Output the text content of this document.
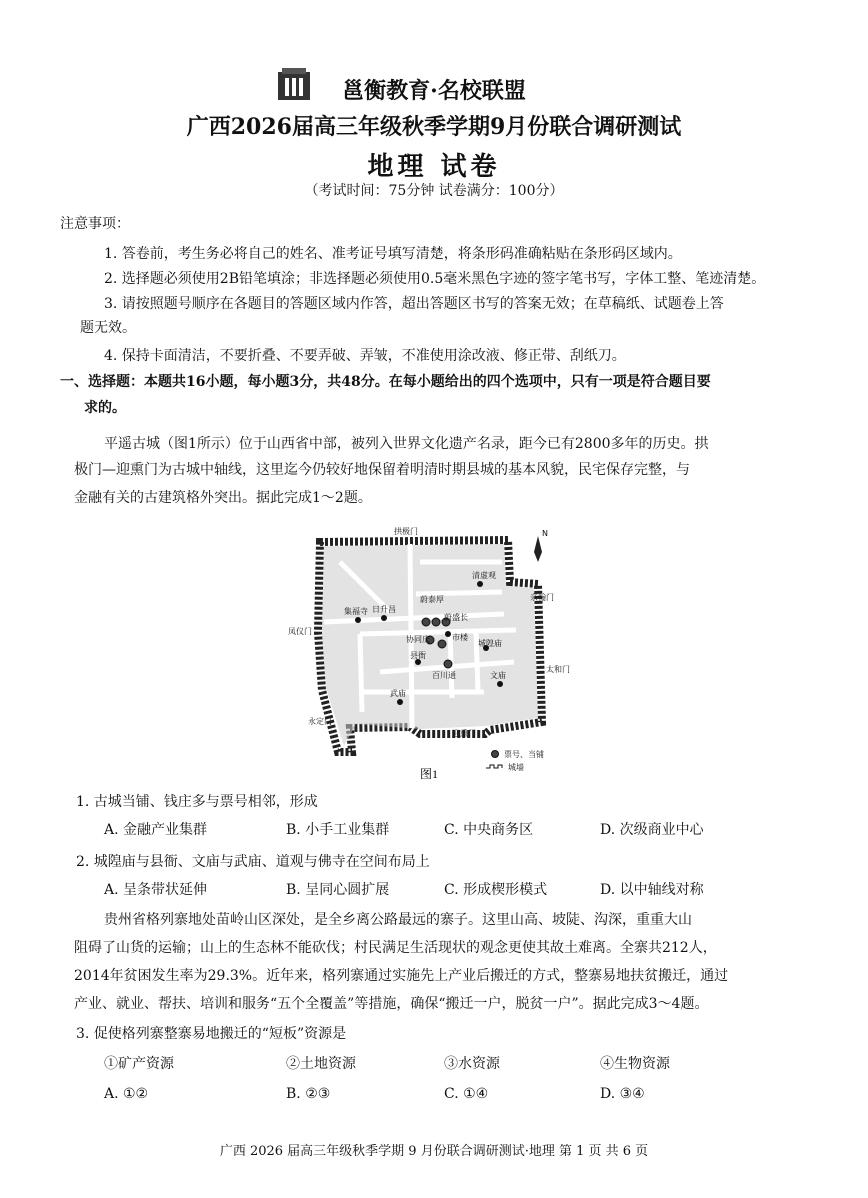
邕衡教育·名校联盟
广西2026届高三年级秋季学期9月份联合调研测试
地理 试卷
（考试时间：75分钟 试卷满分：100分）
注意事项：
1. 答卷前，考生务必将自己的姓名、准考证号填写清楚，将条形码准确粘贴在条形码区域内。
2. 选择题必须使用2B铅笔填涂；非选择题必须使用0.5毫米黑色字迹的签字笔书写，字体工整、笔迹清楚。
3. 请按照题号顺序在各题目的答题区域内作答，超出答题区书写的答案无效；在草稿纸、试题卷上答
题无效。
4. 保持卡面清洁，不要折叠、不要弄破、弄皱，不准使用涂改液、修正带、刮纸刀。
一、选择题：本题共16小题，每小题3分，共48分。在每小题给出的四个选项中，只有一项是符合题目要
求的。
平遥古城（图1所示）位于山西省中部，被列入世界文化遗产名录，距今已有2800多年的历史。拱
极门—迎熏门为古城中轴线，这里迄今仍较好地保留着明清时期县城的基本风貌，民宅保存完整，与
金融有关的古建筑格外突出。据此完成1～2题。
拱极门
亲翰门
太和门
迎熏门
永定门
凤仪门
清虚观
蔚泰厚
集福寺 日升昌
蔚盛长
协同庆	市楼
城隍庙
县衙
百川通	文庙
武庙
N
票号、当铺
城墙
图1
1. 古城当铺、钱庄多与票号相邻，形成
A. 金融产业集群	B. 小手工业集群	C. 中央商务区	D. 次级商业中心
2. 城隍庙与县衙、文庙与武庙、道观与佛寺在空间布局上
A. 呈条带状延伸	B. 呈同心圆扩展	C. 形成楔形模式	D. 以中轴线对称
贵州省格列寨地处苗岭山区深处，是全乡离公路最远的寨子。这里山高、坡陡、沟深，重重大山
阻碍了山货的运输；山上的生态林不能砍伐；村民满足生活现状的观念更使其故土难离。全寨共212人，
2014年贫困发生率为29.3%。近年来，格列寨通过实施先上产业后搬迁的方式，整寨易地扶贫搬迁，通过
产业、就业、帮扶、培训和服务“五个全覆盖”等措施，确保“搬迁一户，脱贫一户”。据此完成3～4题。
3. 促使格列寨整寨易地搬迁的“短板”资源是
①矿产资源	②土地资源	③水资源	④生物资源
A. ①②	B. ②③	C. ①④	D. ③④
广西 2026 届高三年级秋季学期 9 月份联合调研测试·地理 第 1 页 共 6 页
